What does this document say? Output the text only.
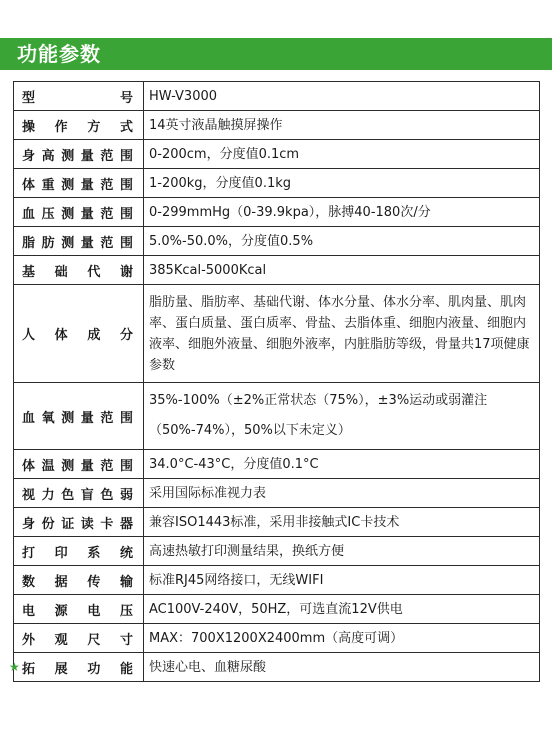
功能参数
型号	HW-V3000

操作方式	14英寸液晶触摸屏操作

身高测量范围	0-200cm，分度值0.1cm

体重测量范围	1-200kg，分度值0.1kg

血压测量范围	0-299mmHg（0-39.9kpa），脉搏40-180次/分

脂肪测量范围	5.0%-50.0%，分度值0.5%

基础代谢	385Kcal-5000Kcal

人体成分	脂肪量、脂肪率、基础代谢、体水分量、体水分率、肌肉量、肌肉率、蛋白质量、蛋白质率、骨盐、去脂体重、细胞内液量、细胞内液率、细胞外液量、细胞外液率，内脏脂肪等级，骨量共17项健康参数

血氧测量范围	35%-100%（±2%正常状态（75%），±3%运动或弱灌注（50%-74%），50%以下未定义）

体温测量范围	34.0°C-43°C，分度值0.1°C

视力色盲色弱	采用国际标准视力表

身份证读卡器	兼容ISO1443标准，采用非接触式IC卡技术

打印系统	高速热敏打印测量结果，换纸方便

数据传输	标准RJ45网络接口，无线WIFI

电源电压	AC100V-240V，50HZ，可选直流12V供电

外观尺寸	MAX：700X1200X2400mm（高度可调）

★ 拓展功能	快速心电、血糖尿酸
